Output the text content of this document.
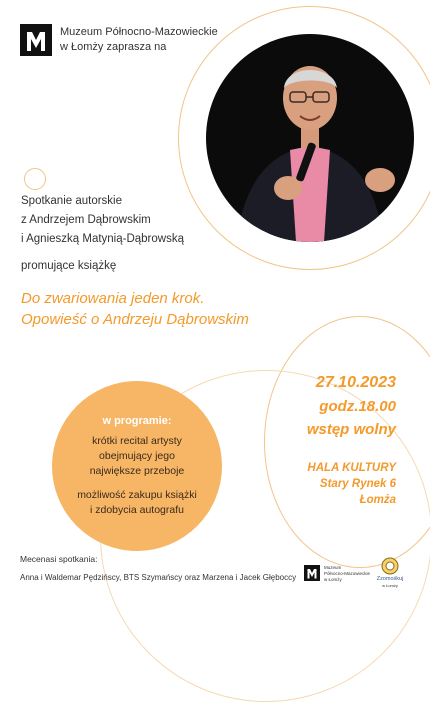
Muzeum Północno-Mazowieckie

w Łomży zaprasza na

Spotkanie autorskie

z Andrzejem Dąbrowskim

i Agnieszką Matynią-Dąbrowską

promujące książkę

Do zwariowania jeden krok.

Opowieść o Andrzeju Dąbrowskim

w programie:

krótki recital artysty

obejmujący jego

największe przeboje

możliwość zakupu książki

i zdobycia autografu

27.10.2023

godz.18.00

wstęp wolny

HALA KULTURY

Stary Rynek 6

Łomża

Mecenasi spotkania:

Anna i Waldemar Pędzińscy, BTS Szymańscy oraz Marzena i Jacek Głęboccy

Muzeum

Północno-Mazowieckie

w Łomży	Zzomośkuj

w Łomży
